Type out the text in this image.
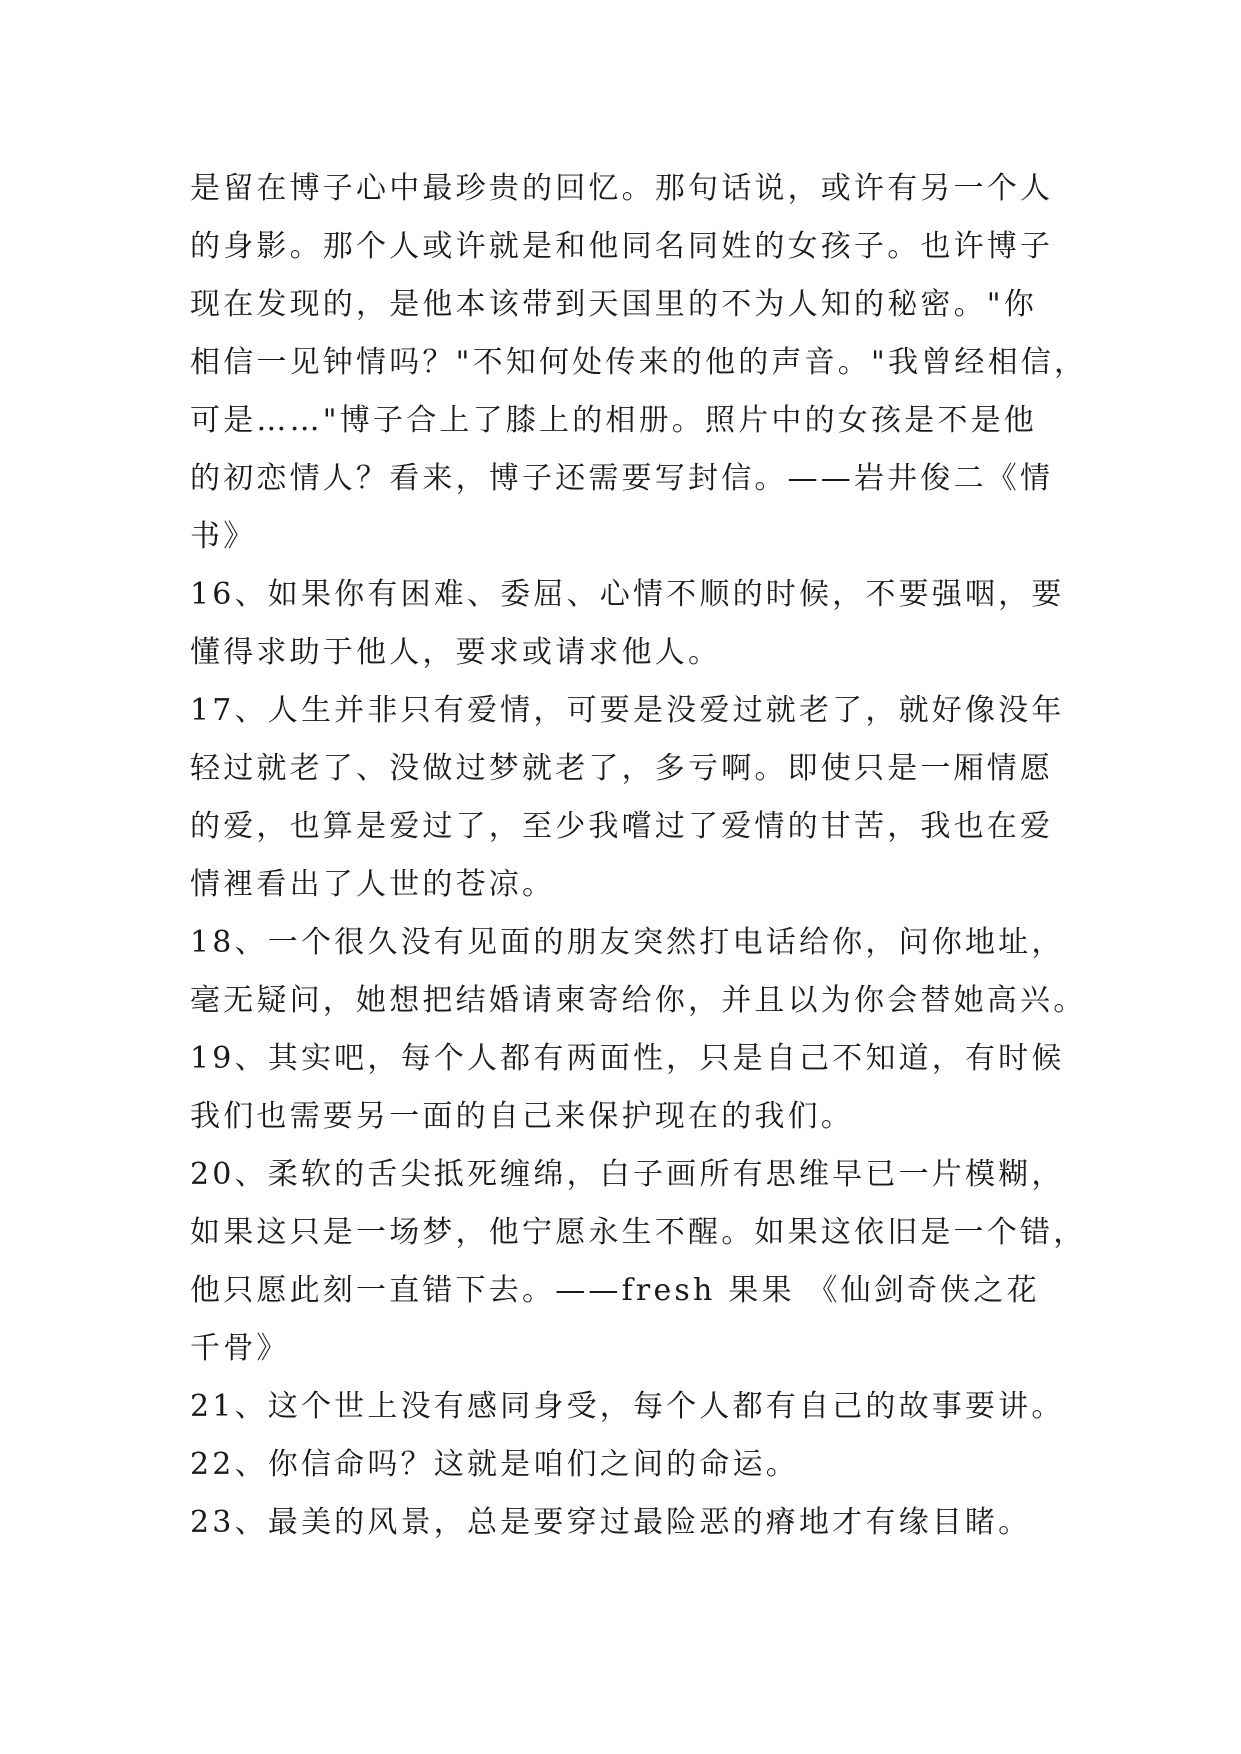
是留在博子心中最珍贵的回忆。那句话说，或许有另一个人
的身影。那个人或许就是和他同名同姓的女孩子。也许博子
现在发现的，是他本该带到天国里的不为人知的秘密。"你
相信一见钟情吗？"不知何处传来的他的声音。"我曾经相信，
可是……"博子合上了膝上的相册。照片中的女孩是不是他
的初恋情人？看来，博子还需要写封信。——岩井俊二《情
书》
16、如果你有困难、委屈、心情不顺的时候，不要强咽，要
懂得求助于他人，要求或请求他人。
17、人生并非只有爱情，可要是没爱过就老了，就好像没年
轻过就老了、没做过梦就老了，多亏啊。即使只是一厢情愿
的爱，也算是爱过了，至少我嚐过了爱情的甘苦，我也在爱
情裡看出了人世的苍凉。
18、一个很久没有见面的朋友突然打电话给你，问你地址，
毫无疑问，她想把结婚请柬寄给你，并且以为你会替她高兴。
19、其实吧，每个人都有两面性，只是自己不知道，有时候
我们也需要另一面的自己来保护现在的我们。
20、柔软的舌尖抵死缠绵，白子画所有思维早已一片模糊，
如果这只是一场梦，他宁愿永生不醒。如果这依旧是一个错，
他只愿此刻一直错下去。——fresh 果果 《仙剑奇侠之花
千骨》
21、这个世上没有感同身受，每个人都有自己的故事要讲。
22、你信命吗？这就是咱们之间的命运。
23、最美的风景，总是要穿过最险恶的瘠地才有缘目睹。
